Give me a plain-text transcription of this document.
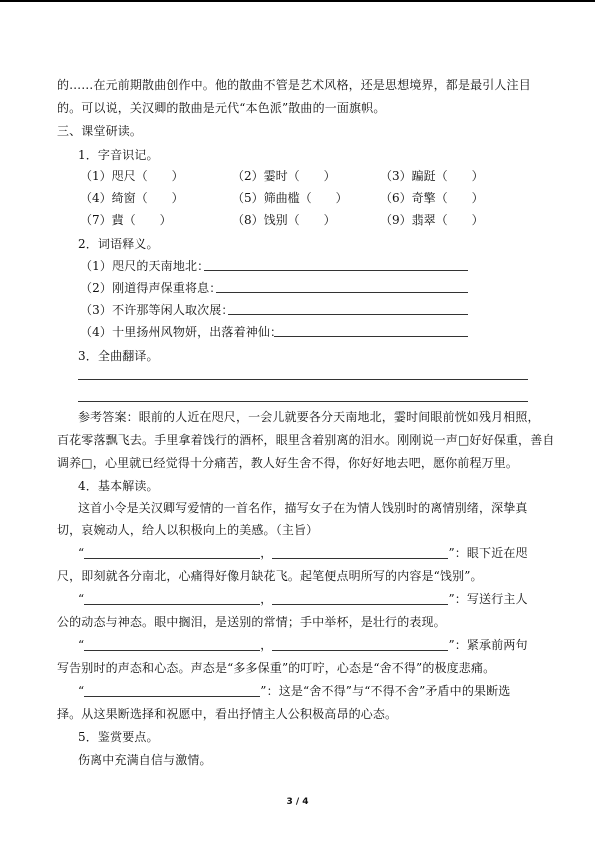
的……在元前期散曲创作中。他的散曲不管是艺术风格，还是思想境界，都是最引人注目
的。可以说，关汉卿的散曲是元代“本色派”散曲的一面旗帜。
三、课堂研读。
1．字音识记。
（1）咫尺（　　）	（2）霎时（　　）	（3）蹁跹（　　）
（4）绮窗（　　）	（5）筛曲槛（　　）	（6）奇擎（　　）
（7）䩀（　　）	（8）饯别（　　）	（9）翡翠（　　）
2．词语释义。
（1）咫尺的天南地北：
（2）刚道得声保重将息：
（3）不许那等闲人取次展：
（4）十里扬州风物妍，出落着神仙：
3．全曲翻译。
参考答案：眼前的人近在咫尺，一会儿就要各分天南地北，霎时间眼前恍如残月相照，
百花零落飘飞去。手里拿着饯行的酒杯，眼里含着别离的泪水。刚刚说一声□好好保重，善自
调养□，心里就已经觉得十分痛苦，教人好生舍不得，你好好地去吧，愿你前程万里。
4．基本解读。
这首小令是关汉卿写爱情的一首名作，描写女子在为情人饯别时的离情别绪，深挚真
切，哀婉动人，给人以积极向上的美感。（主旨）
“	，	”：眼下近在咫
尺，即刻就各分南北，心痛得好像月缺花飞。起笔便点明所写的内容是“饯别”。
“	，	”：写送行主人
公的动态与神态。眼中搁泪，是送别的常情；手中举杯，是壮行的表现。
“	，	”：紧承前两句
写告别时的声态和心态。声态是“多多保重”的叮咛，心态是“舍不得”的极度悲痛。
“	”：这是“舍不得”与“不得不舍”矛盾中的果断选
择。从这果断选择和祝愿中，看出抒情主人公积极高昂的心态。
5．鉴赏要点。
伤离中充满自信与激情。
3 / 4
